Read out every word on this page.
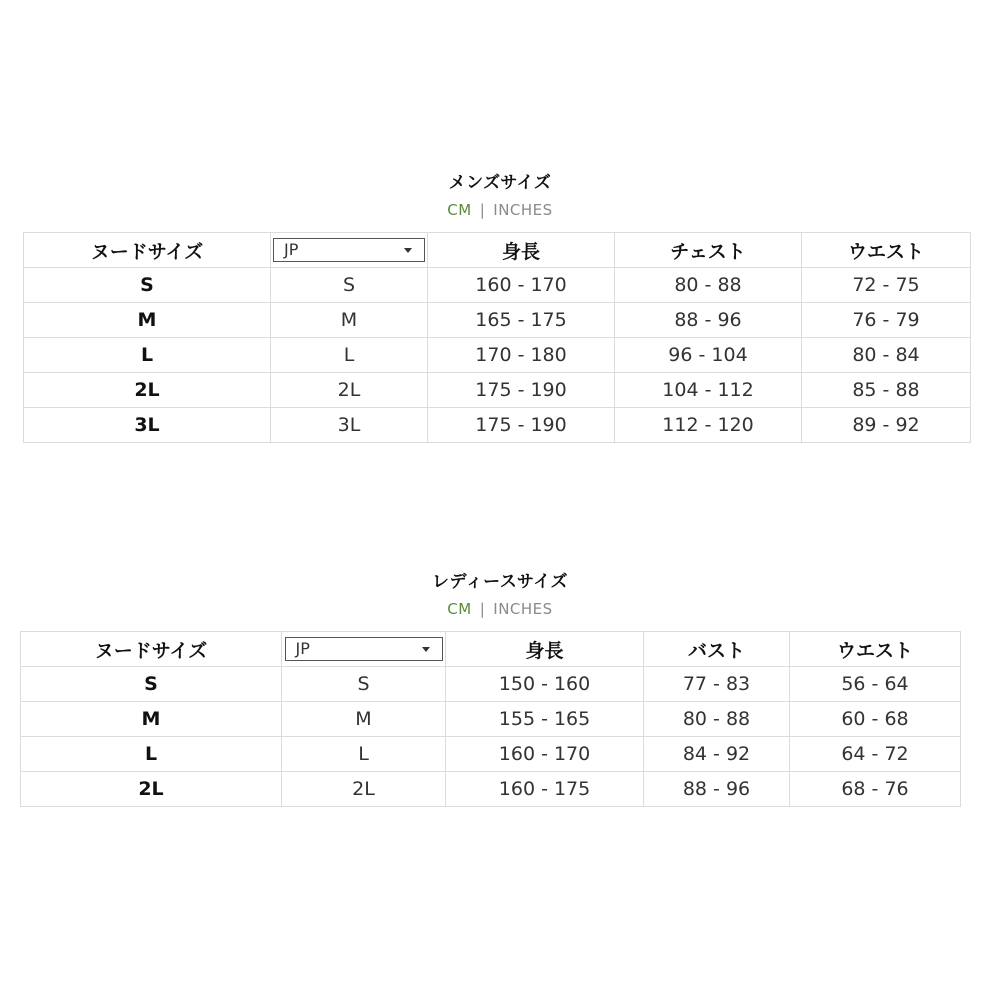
メンズサイズ
CM | INCHES
ヌードサイズ	JP	身長	チェスト	ウエスト
S	S	160 - 170	80 - 88	72 - 75
M	M	165 - 175	88 - 96	76 - 79
L	L	170 - 180	96 - 104	80 - 84
2L	2L	175 - 190	104 - 112	85 - 88
3L	3L	175 - 190	112 - 120	89 - 92
レディースサイズ
CM | INCHES
ヌードサイズ	JP	身長	バスト	ウエスト
S	S	150 - 160	77 - 83	56 - 64
M	M	155 - 165	80 - 88	60 - 68
L	L	160 - 170	84 - 92	64 - 72
2L	2L	160 - 175	88 - 96	68 - 76
